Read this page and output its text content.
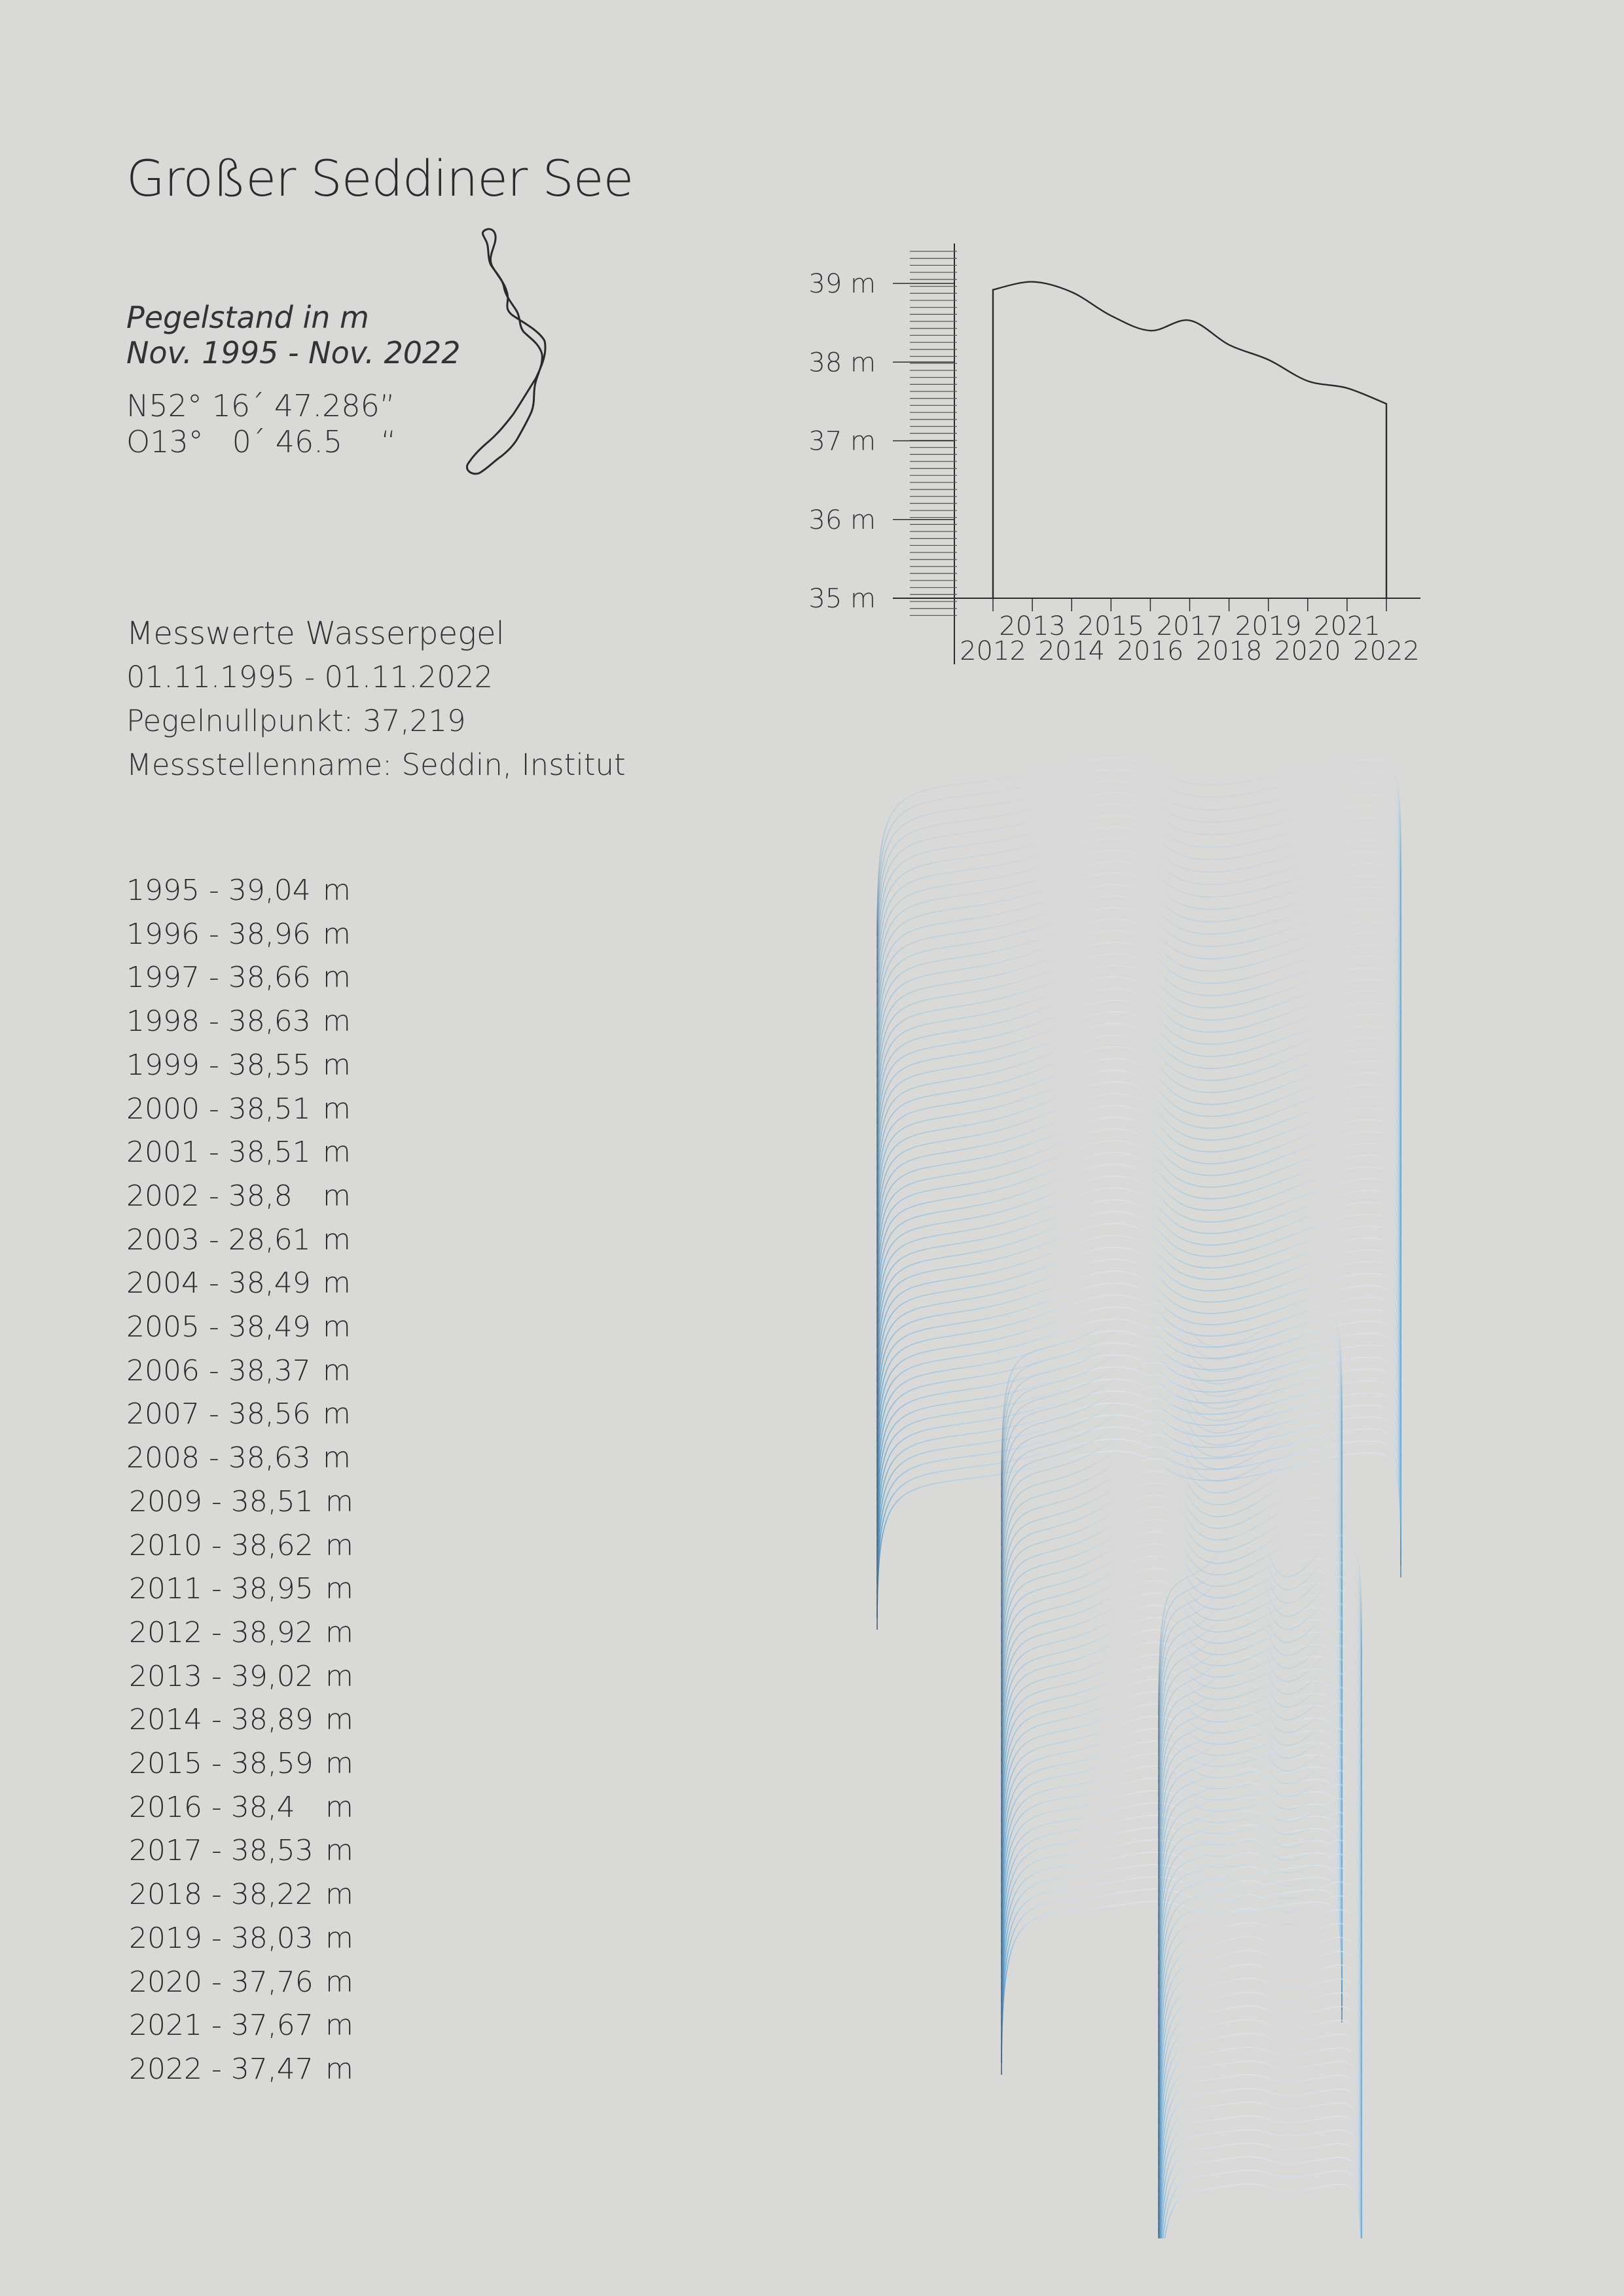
Großer Seddiner See
Pegelstand in m
Nov. 1995 - Nov. 2022
N52° 16´ 47.286”
O13°   0´ 46.5    “
Messwerte Wasserpegel
01.11.1995 - 01.11.2022
Pegelnullpunkt: 37,219
Messstellenname: Seddin, Institut
35 m
36 m
37 m
38 m
39 m
2012
2013
2014
2015
2016
2017
2018
2019
2020
2021
2022
1995 - 39,04 m
1996 - 38,96 m
1997 - 38,66 m
1998 - 38,63 m
1999 - 38,55 m
2000 - 38,51 m
2001 - 38,51 m
2002 - 38,8 m
2003 - 28,61 m
2004 - 38,49 m
2005 - 38,49 m
2006 - 38,37 m
2007 - 38,56 m
2008 - 38,63 m
2009 - 38,51 m
2010 - 38,62 m
2011 - 38,95 m
2012 - 38,92 m
2013 - 39,02 m
2014 - 38,89 m
2015 - 38,59 m
2016 - 38,4 m
2017 - 38,53 m
2018 - 38,22 m
2019 - 38,03 m
2020 - 37,76 m
2021 - 37,67 m
2022 - 37,47 m
